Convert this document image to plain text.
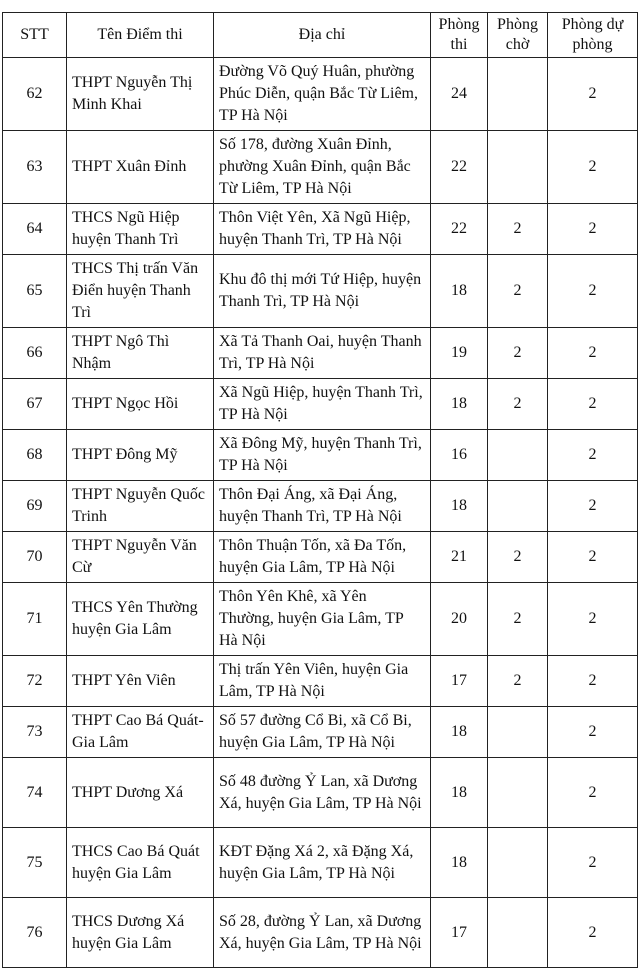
STT	Tên Điểm thi	Địa chỉ	Phòng thi	Phòng chờ	Phòng dự phòng
62	THPT Nguyễn Thị Minh Khai	Đường Võ Quý Huân, phường Phúc Diễn, quận Bắc Từ Liêm, TP Hà Nội	24		2
63	THPT Xuân Đỉnh	Số 178, đường Xuân Đỉnh, phường Xuân Đỉnh, quận Bắc Từ Liêm, TP Hà Nội	22		2
64	THCS Ngũ Hiệp huyện Thanh Trì	Thôn Việt Yên, Xã Ngũ Hiệp, huyện Thanh Trì, TP Hà Nội	22	2	2
65	THCS Thị trấn Văn Điển huyện Thanh Trì	Khu đô thị mới Tứ Hiệp, huyện Thanh Trì, TP Hà Nội	18	2	2
66	THPT Ngô Thì Nhậm	Xã Tả Thanh Oai, huyện Thanh Trì, TP Hà Nội	19	2	2
67	THPT Ngọc Hồi	Xã Ngũ Hiệp, huyện Thanh Trì, TP Hà Nội	18	2	2
68	THPT Đông Mỹ	Xã Đông Mỹ, huyện Thanh Trì, TP Hà Nội	16		2
69	THPT Nguyễn Quốc Trinh	Thôn Đại Áng, xã Đại Áng, huyện Thanh Trì, TP Hà Nội	18		2
70	THPT Nguyễn Văn Cừ	Thôn Thuận Tốn, xã Đa Tốn, huyện Gia Lâm, TP Hà Nội	21	2	2
71	THCS Yên Thường huyện Gia Lâm	Thôn Yên Khê, xã Yên Thường, huyện Gia Lâm, TP Hà Nội	20	2	2
72	THPT Yên Viên	Thị trấn Yên Viên, huyện Gia Lâm, TP Hà Nội	17	2	2
73	THPT Cao Bá Quát-Gia Lâm	Số 57 đường Cổ Bi, xã Cổ Bi, huyện Gia Lâm, TP Hà Nội	18		2
74	THPT Dương Xá	Số 48 đường Ỷ Lan, xã Dương Xá, huyện Gia Lâm, TP Hà Nội	18		2
75	THCS Cao Bá Quát huyện Gia Lâm	KĐT Đặng Xá 2, xã Đặng Xá, huyện Gia Lâm, TP Hà Nội	18		2
76	THCS Dương Xá huyện Gia Lâm	Số 28, đường Ỷ Lan, xã Dương Xá, huyện Gia Lâm, TP Hà Nội	17		2
